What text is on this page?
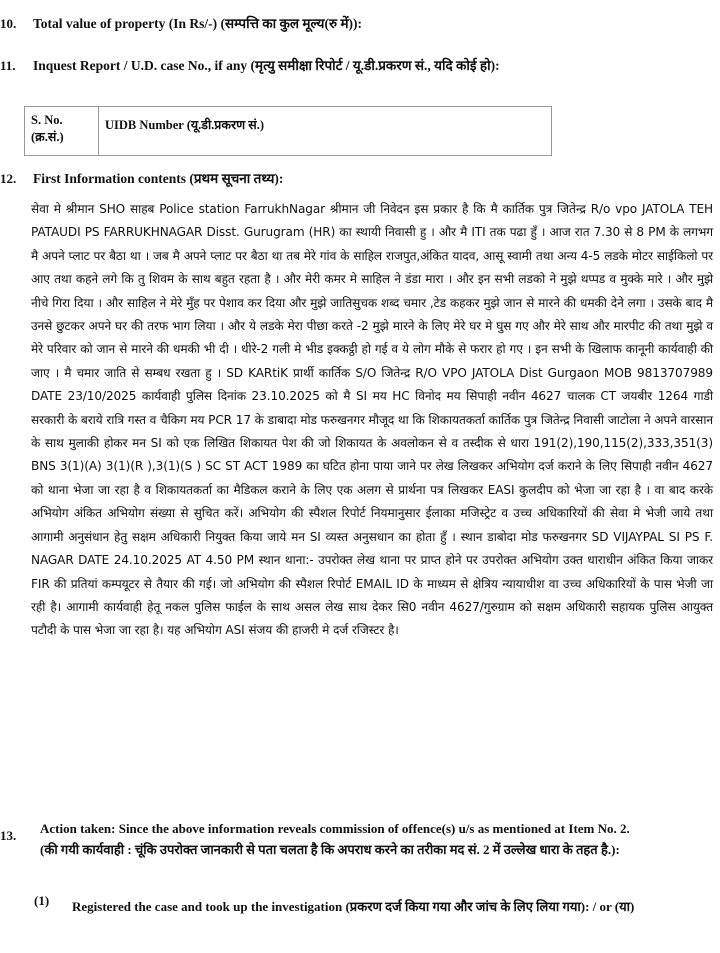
10. Total value of property (In Rs/-) (सम्पत्ति का कुल मूल्य(रु में)):
11. Inquest Report / U.D. case No., if any (मृत्यु समीक्षा रिपोर्ट / यू.डी.प्रकरण सं., यदि कोई हो):
S. No. (क्र.सं.)
UIDB Number (यू.डी.प्रकरण सं.)
12. First Information contents (प्रथम सूचना तथ्य):
सेवा मे श्रीमान SHO साहब Police station FarrukhNagar श्रीमान जी निवेदन इस प्रकार है कि मै कार्तिक पुत्र जितेन्द्र R/o vpo JATOLA TEH PATAUDI PS FARRUKHNAGAR Disst. Gurugram (HR) का स्थायी निवासी हु । और मै ITI तक पढा हुँ । आज रात 7.30 से 8 PM के लगभग मै अपने प्लाट पर बैठा था । जब मै अपने प्लाट पर बैठा था तब मेरे गांव के साहिल राजपुत,अंकित यादव, आसू स्वामी तथा अन्य 4-5 लडके मोटर साईकिलो पर आए तथा कहने लगे कि तु शिवम के साथ बहुत रहता है । और मेरी कमर मे साहिल ने डंडा मारा । और इन सभी लडको ने मुझे थप्पड व मुक्के मारे । और मुझे नीचे गिरा दिया । और साहिल ने मेरे मुँह पर पेशाव कर दिया और मुझे जातिसुचक शब्द चमार ,टेड कहकर मुझे जान से मारने की धमकी देने लगा । उसके बाद मै उनसे छुटकर अपने घर की तरफ भाग लिया । और ये लडके मेरा पीछा करते -2 मुझे मारने के लिए मेरे घर मे घुस गए और मेरे साथ और मारपीट की तथा मुझे व मेरे परिवार को जान से मारने की धमकी भी दी । धीरे-2 गली मे भीड इक्कट्ठी हो गई व ये लोग मौके से फरार हो गए । इन सभी के खिलाफ कानूनी कार्यवाही की जाए । मै चमार जाति से सम्बध रखता हु । SD KARtiK प्रार्थी कार्तिक S/O जितेन्द्र R/O VPO JATOLA Dist Gurgaon MOB 9813707989 DATE 23/10/2025 कार्यवाही पुलिस दिनांक 23.10.2025 को मै SI मय HC विनोद मय सिपाही नवीन 4627 चालक CT जयबीर 1264 गाडी सरकारी के बराये रात्रि गस्त व चैकिग मय PCR 17 के डाबादा मोड फरुखनगर मौजूद था कि शिकायतकर्ता कार्तिक पुत्र जितेन्द्र निवासी जाटोला ने अपने वारसान के साथ मुलाकी होकर मन SI को एक लिखित शिकायत पेश की जो शिकायत के अवलोकन से व तस्दीक से धारा 191(2),190,115(2),333,351(3) BNS 3(1)(A) 3(1)(R ),3(1)(S ) SC ST ACT 1989 का घटित होना पाया जाने पर लेख लिखकर अभियोग दर्ज कराने के लिए सिपाही नवीन 4627 को थाना भेजा जा रहा है व शिकायतकर्ता का मैडिकल कराने के लिए एक अलग से प्रार्थना पत्र लिखकर EASI कुलदीप को भेजा जा रहा है । वा बाद करके अभियोग अंकित अभियोग संख्या से सुचित करें। अभियोग की स्पैशल रिपोर्ट नियमानुसार ईलाका मजिस्ट्रेट व उच्च अधिकारियों की सेवा मे भेजी जाये तथा आगामी अनुसंधान हेतु सक्षम अधिकारी नियुक्त किया जाये मन SI व्यस्त अनुसधान का होता हुँ । स्थान डाबोदा मोड फरुखनगर SD VIJAYPAL SI PS F. NAGAR DATE 24.10.2025 AT 4.50 PM स्थान थाना:- उपरोक्त लेख थाना पर प्राप्त होने पर उपरोक्त अभियोग उक्त धाराधीन अंकित किया जाकर FIR की प्रतियां कम्पयूटर से तैयार की गई। जो अभियोग की स्पैशल रिपोर्ट EMAIL ID के माध्यम से क्षेत्रिय न्यायाधीश वा उच्च अधिकारियों के पास भेजी जा रही है। आगामी कार्यवाही हेतू नकल पुलिस फाईल के साथ असल लेख साथ देकर सि0 नवीन 4627/गुरुग्राम को सक्षम अधिकारी सहायक पुलिस आयुक्त पटौदी के पास भेजा जा रहा है। यह अभियोग ASI संजय की हाजरी मे दर्ज रजिस्टर है।
13. Action taken: Since the above information reveals commission of offence(s) u/s as mentioned at Item No. 2.
(की गयी कार्यवाही : चूंकि उपरोक्त जानकारी से पता चलता है कि अपराध करने का तरीका मद सं. 2 में उल्लेख धारा के तहत है.):
(1) Registered the case and took up the investigation (प्रकरण दर्ज किया गया और जांच के लिए लिया गया): / or (या)
